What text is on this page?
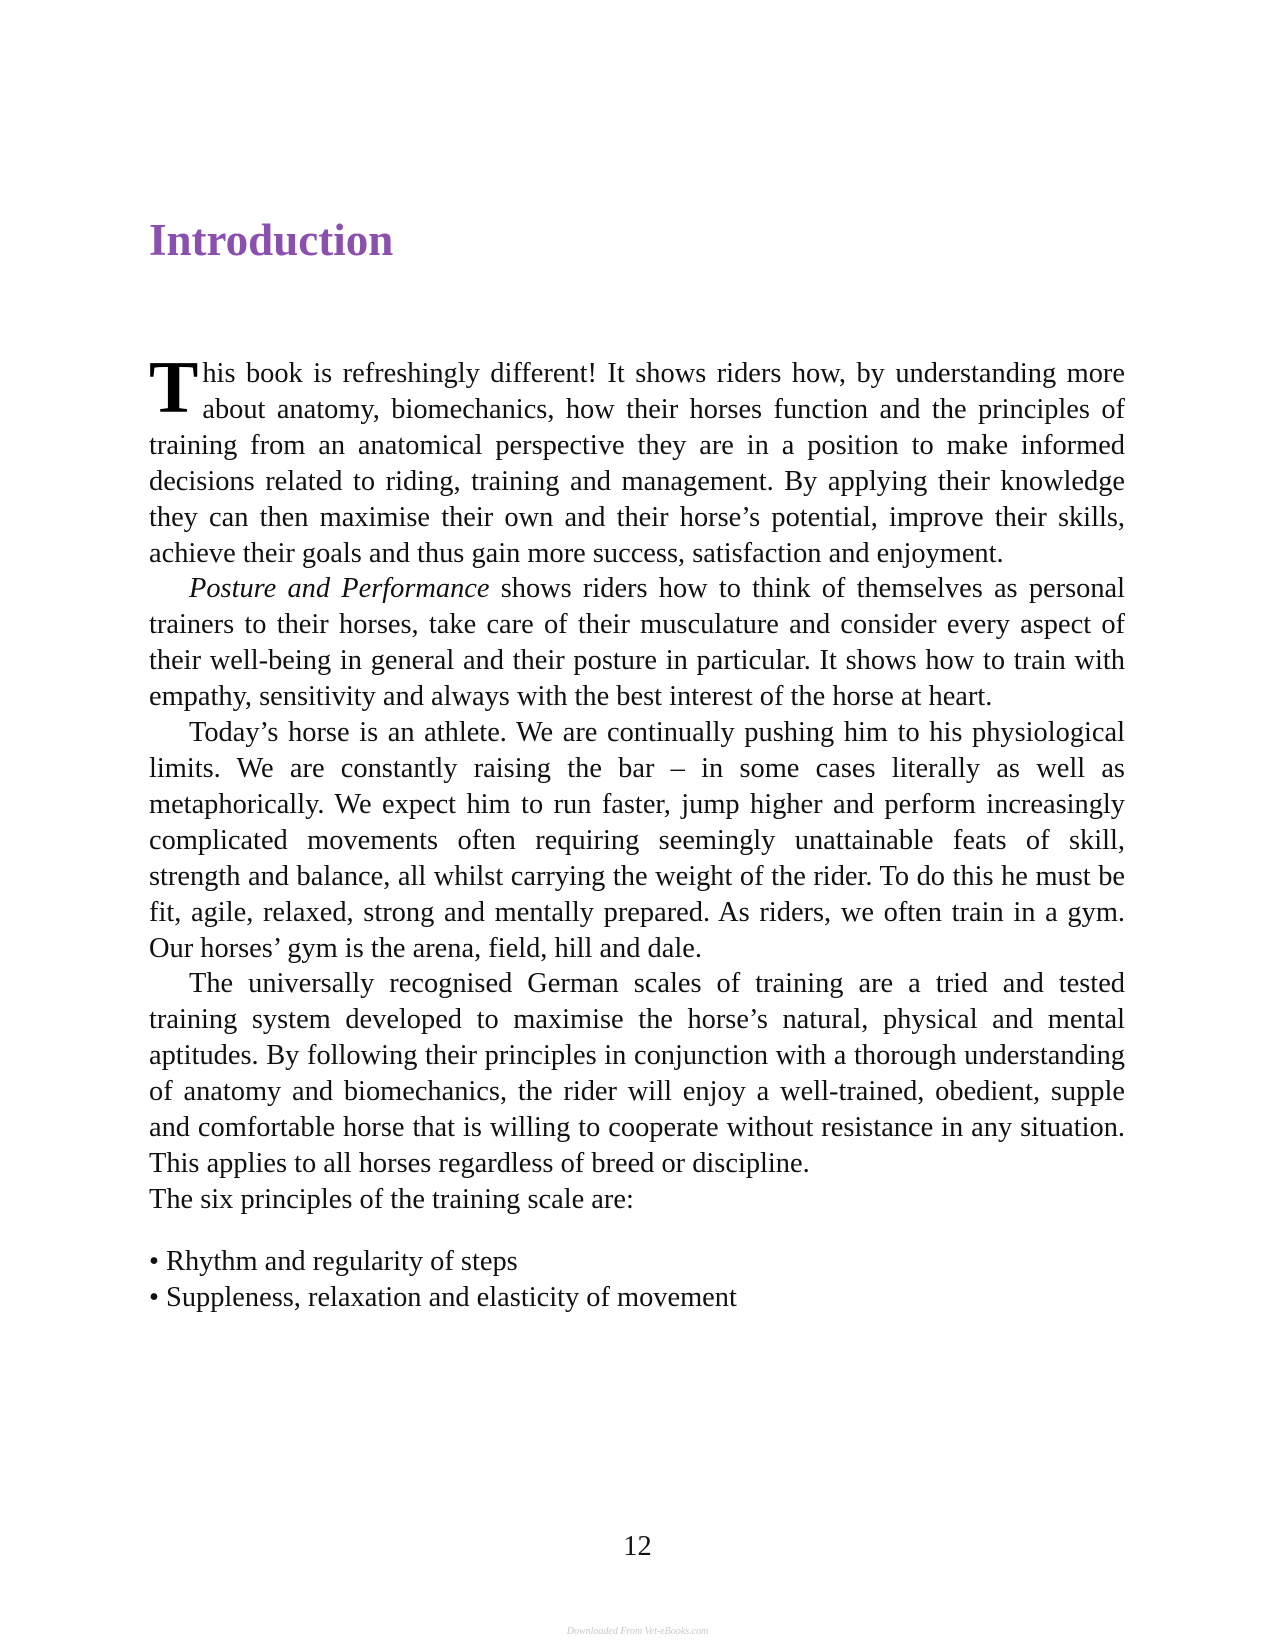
Introduction

This book is refreshingly different! It shows riders how, by understanding more about anatomy, biomechanics, how their horses function and the principles of training from an anatomical perspective they are in a position to make informed decisions related to riding, training and management. By applying their knowledge they can then maximise their own and their horse’s potential, improve their skills, achieve their goals and thus gain more success, satisfaction and enjoyment.

Posture and Performance shows riders how to think of themselves as personal trainers to their horses, take care of their musculature and consider every aspect of their well-being in general and their posture in particular. It shows how to train with empathy, sensitivity and always with the best interest of the horse at heart.

Today’s horse is an athlete. We are continually pushing him to his physiological limits. We are constantly raising the bar – in some cases literally as well as metaphorically. We expect him to run faster, jump higher and perform increasingly complicated movements often requiring seemingly unattainable feats of skill, strength and balance, all whilst carrying the weight of the rider. To do this he must be fit, agile, relaxed, strong and mentally prepared. As riders, we often train in a gym. Our horses’ gym is the arena, field, hill and dale.

The universally recognised German scales of training are a tried and tested training system developed to maximise the horse’s natural, physical and mental aptitudes. By following their principles in conjunction with a thorough understanding of anatomy and biomechanics, the rider will enjoy a well-trained, obedient, supple and comfortable horse that is willing to cooperate without resistance in any situation. This applies to all horses regardless of breed or discipline.

The six principles of the training scale are:

• Rhythm and regularity of steps
• Suppleness, relaxation and elasticity of movement
12
Downloaded From Vet-eBooks.com
